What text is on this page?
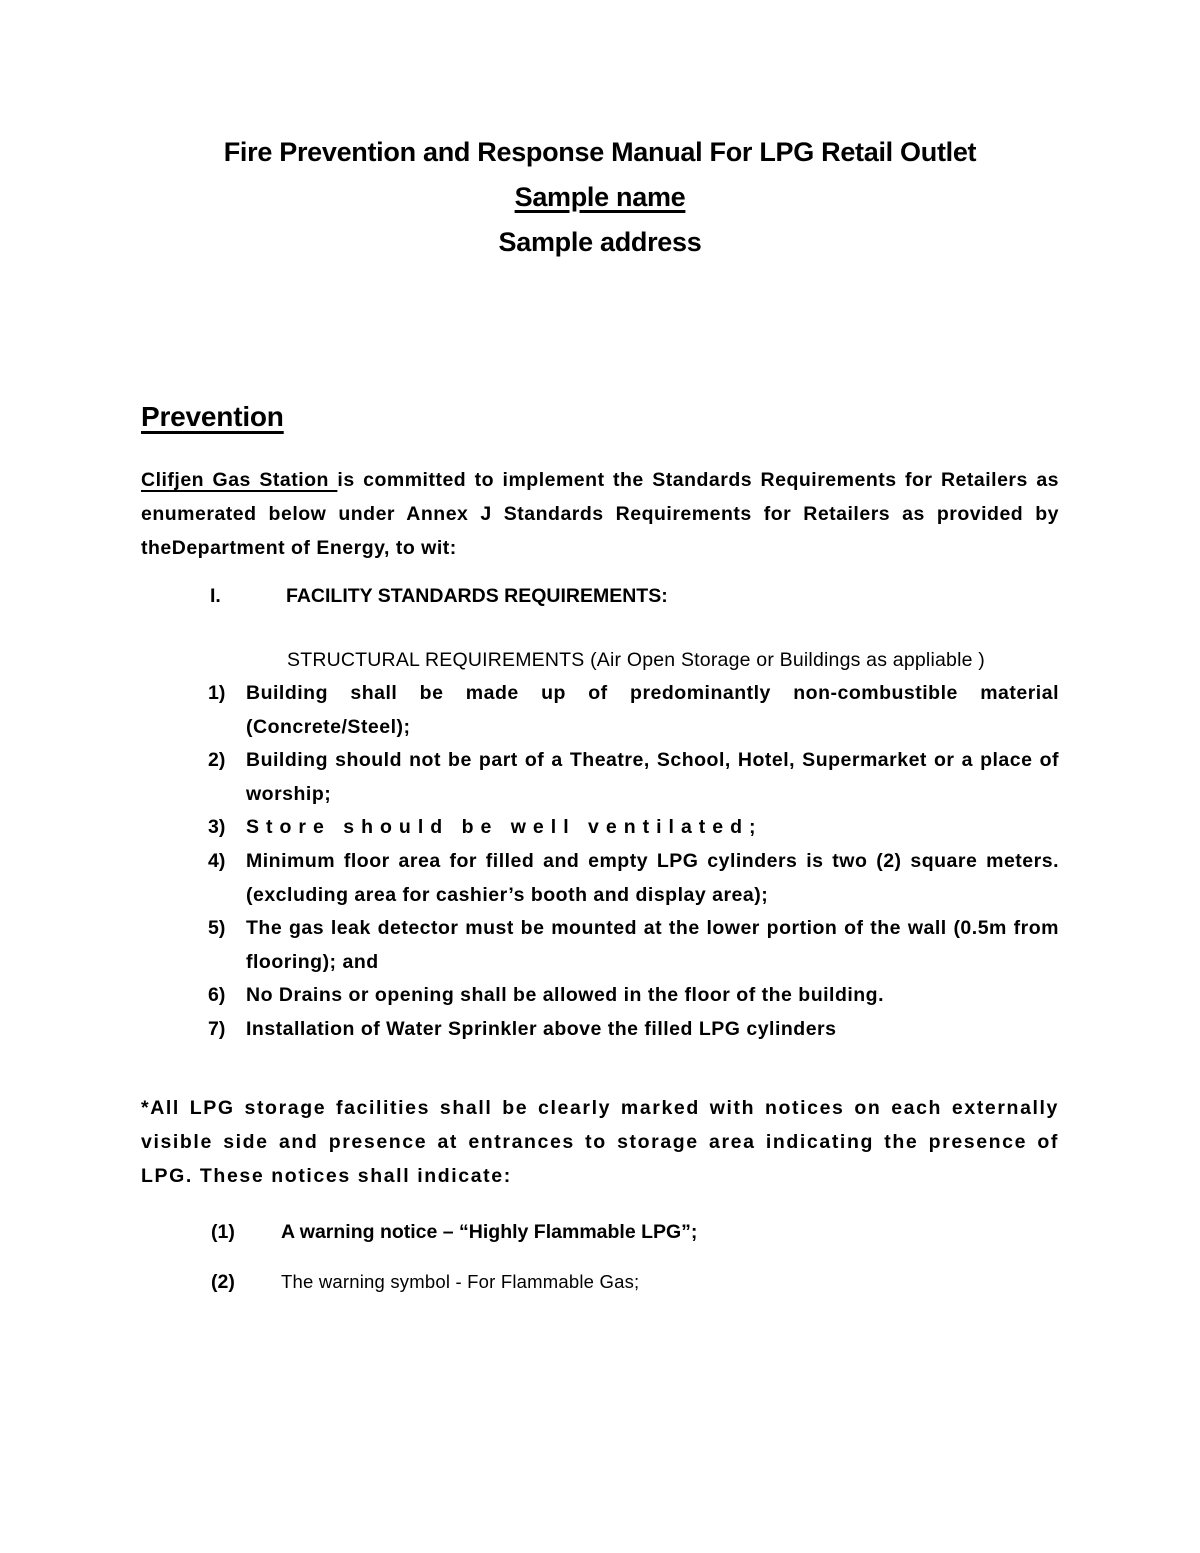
Fire Prevention and Response Manual For LPG Retail Outlet
Sample name
Sample address
Prevention

Clifjen Gas Station is committed to implement the Standards Requirements for Retailers as enumerated below under Annex J Standards Requirements for Retailers as provided by theDepartment of Energy, to wit:

I.	FACILITY STANDARDS REQUIREMENTS:
STRUCTURAL REQUIREMENTS (Air Open Storage or Buildings as appliable )
1)	Building shall be made up of predominantly non-combustible material (Concrete/Steel);
2)	Building should not be part of a Theatre, School, Hotel, Supermarket or a place of worship;
3)	Store should be well ventilated;
4)	Minimum floor area for filled and empty LPG cylinders is two (2) square meters. (excluding area for cashier’s booth and display area);
5)	The gas leak detector must be mounted at the lower portion of the wall (0.5m from flooring); and
6)	No Drains or opening shall be allowed in the floor of the building.
7)	Installation of Water Sprinkler above the filled LPG cylinders

*All LPG storage facilities shall be clearly marked with notices on each externally visible side and presence at entrances to storage area indicating the presence of LPG. These notices shall indicate:

(1)	A warning notice – “Highly Flammable LPG”;
(2)	The warning symbol - For Flammable Gas;
